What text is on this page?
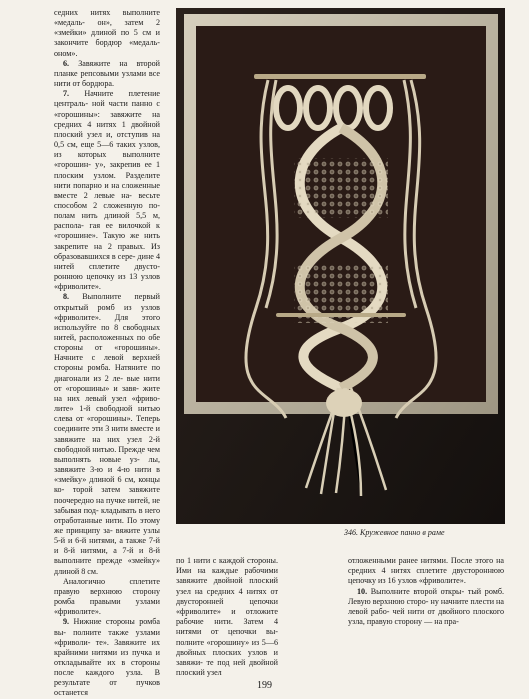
седних нитях выполните «медаль- он», затем 2 «змейки» длиной по 5 см и закончите бордюр «медаль- оном».

6. Завяжите на второй планке репсовыми узлами все нити от бордюра.

7. Начните плетение централь- ной части панно с «горошины»: завяжите на средних 4 нитях 1 двойной плоский узел и, отступив на 0,5 см, еще 5—6 таких узлов, из которых выполните «горошин- у», закрепив ее 1 плоским узлом. Разделите нити попарно и на сложенные вместе 2 левые на- весьте способом 2 сложенную по- полам нить длиной 5,5 м, распола- гая ее вилочкой к «горошине». Такую же нить закрепите на 2 правых. Из образовавшихся в сере- дине 4 нитей сплетите двусто- роннюю цепочку из 13 узлов «фриволите».

8. Выполните первый открытый ромб из узлов «фриволите». Для этого используйте по 8 свободных нитей, расположенных по обе стороны от «горошины». Начните с левой верхней стороны ромба. Натяните по диагонали из 2 ле- вые нити от «горошины» и завя- жите на них левый узел «фриво- лите» 1-й свободной нитью слева от «горошины». Теперь соедините эти 3 нити вместе и завяжите на них узел 2-й свободной нитью. Прежде чем выполнять новые уз- лы, завяжите 3-ю и 4-ю нити в «змейку» длиной 6 см, концы ко- торой затем завяжите поочередно на пучке нитей, не забывая под- кладывать в него отработанные нити. По этому же принципу за- вяжите узлы 5-й и 6-й нитями, а также 7-й и 8-й нитями, а 7-й и 8-й выполните прежде «змейку» длиной 8 см.

Аналогично сплетите правую верхнюю сторону ромба правыми узлами «фриволите».

9. Нижние стороны ромба вы- полните также узлами «фриволи- те». Завяжите их крайними нитями из пучка и откладывайте их в стороны после каждого узла. В результате от пучков останется

346. Кружевное панно в раме

по 1 нити с каждой стороны. Ими на каждые рабочими завяжите двойной плоский узел на средних 4 нитях от двусторонней цепочки «фриволите» и отложите рабочие нити. Затем 4 нитями от цепочки вы- полните «горошину» из 5—6 двойных плоских узлов и завяжи- те под ней двойной плоский узел

отложенными ранее нитями. После этого на средних 4 нитях сплетите двустороннюю цепочку из 16 узлов «фриволите».

10. Выполните второй откры- тый ромб. Левую верхнюю сторо- ну начните плести на левой рабо- чей нити от двойного плоского узла, правую сторону — на пра-

199
